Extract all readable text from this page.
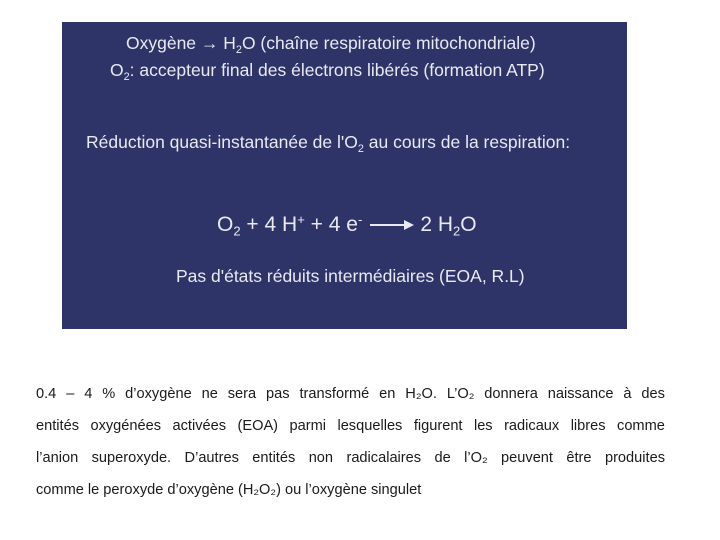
Oxygène → $H_2O$ (chaîne respiratoire mitochondriale)
$O_2$: accepteur final des électrons libérés (formation ATP)
Réduction quasi-instantanée de $l'O_2$ au cours de la respiration:
$O_2 + 4$ H+ + 4 e-	2 $H_2O$
Pas d'états réduits intermédiaires (EOA, R.L)
0.4 – 4 % d’oxygène ne sera pas transformé en H₂O. L’O₂ donnera naissance à des
entités oxygénées activées (EOA) parmi lesquelles figurent les radicaux libres comme
l’anion superoxyde. D’autres entités non radicalaires de l’O₂ peuvent être produites
comme le peroxyde d’oxygène (H₂O₂) ou l’oxygène singulet
